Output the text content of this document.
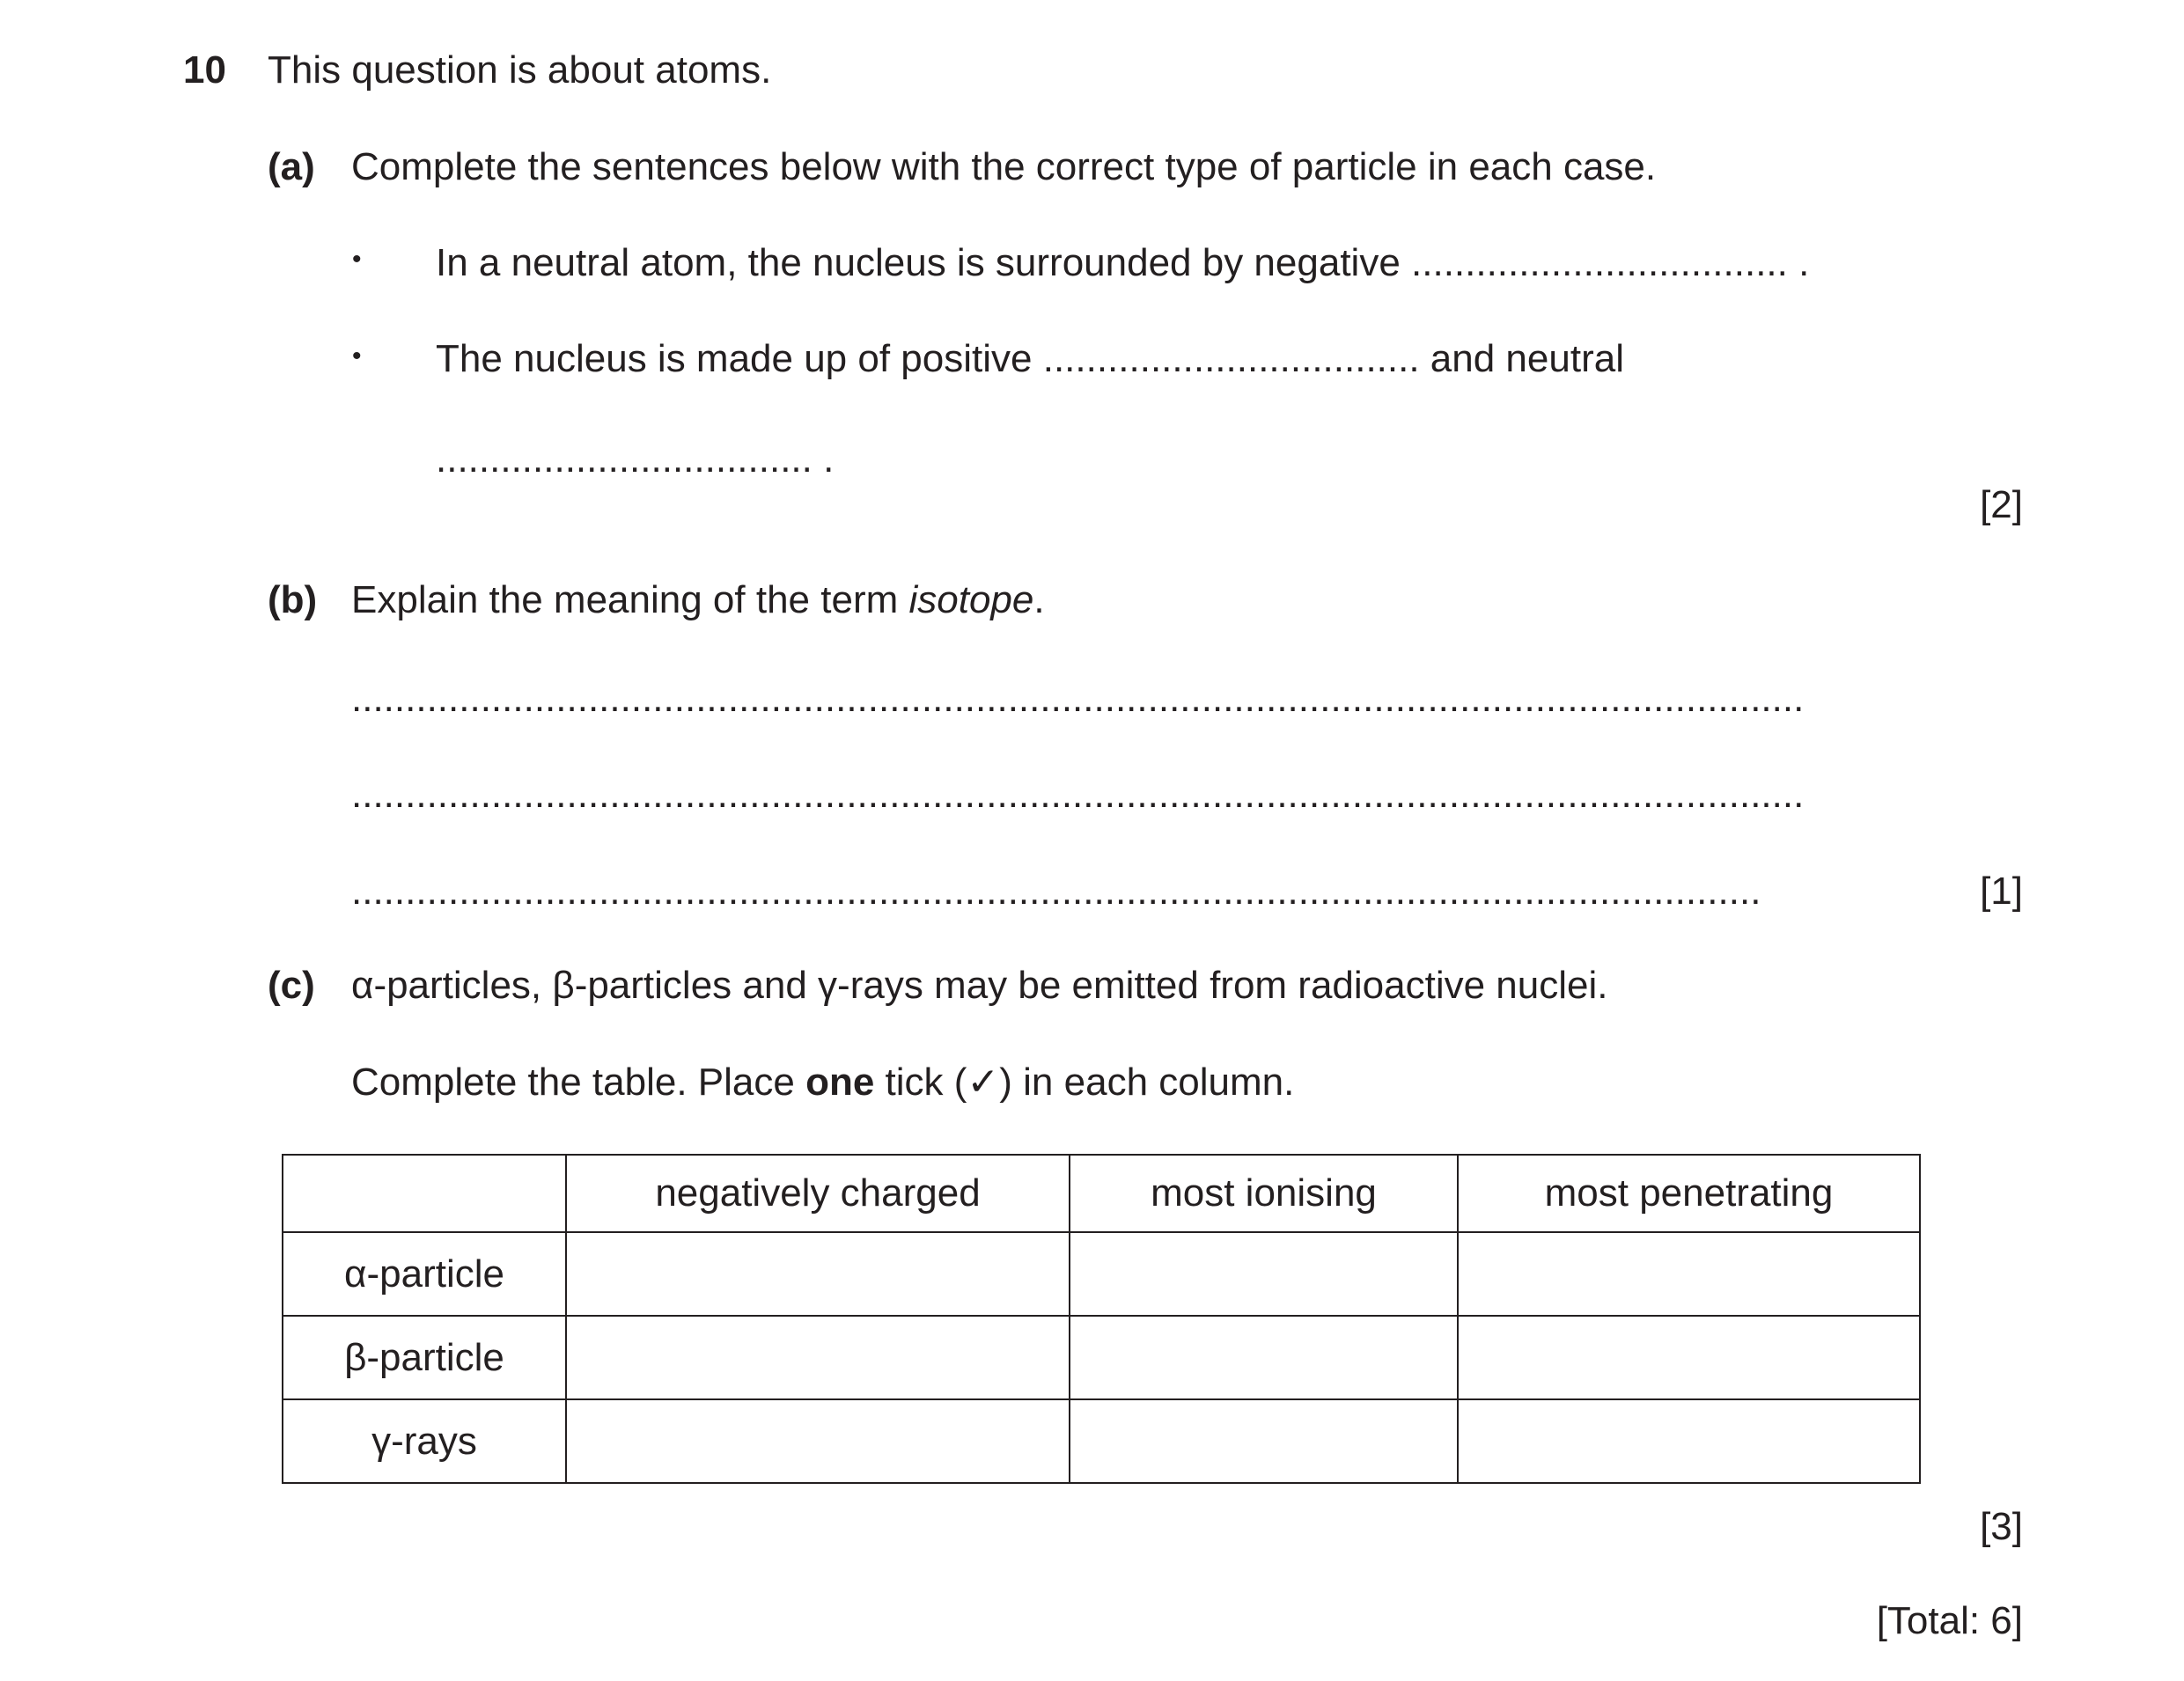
10 This question is about atoms.
(a) Complete the sentences below with the correct type of particle in each case.
• In a neutral atom, the nucleus is surrounded by negative ................................... .
• The nucleus is made up of positive ................................... and neutral
................................... .
[2]
(b) Explain the meaning of the term isotope.
.......................................................................................................................................
.......................................................................................................................................
...................................................................................................................................	[1]
(c) α-particles, β-particles and γ-rays may be emitted from radioactive nuclei.
Complete the table. Place one tick (✓) in each column.
	negatively charged	most ionising	most penetrating
α-particle			
β-particle			
γ-rays			
[3]
[Total: 6]
